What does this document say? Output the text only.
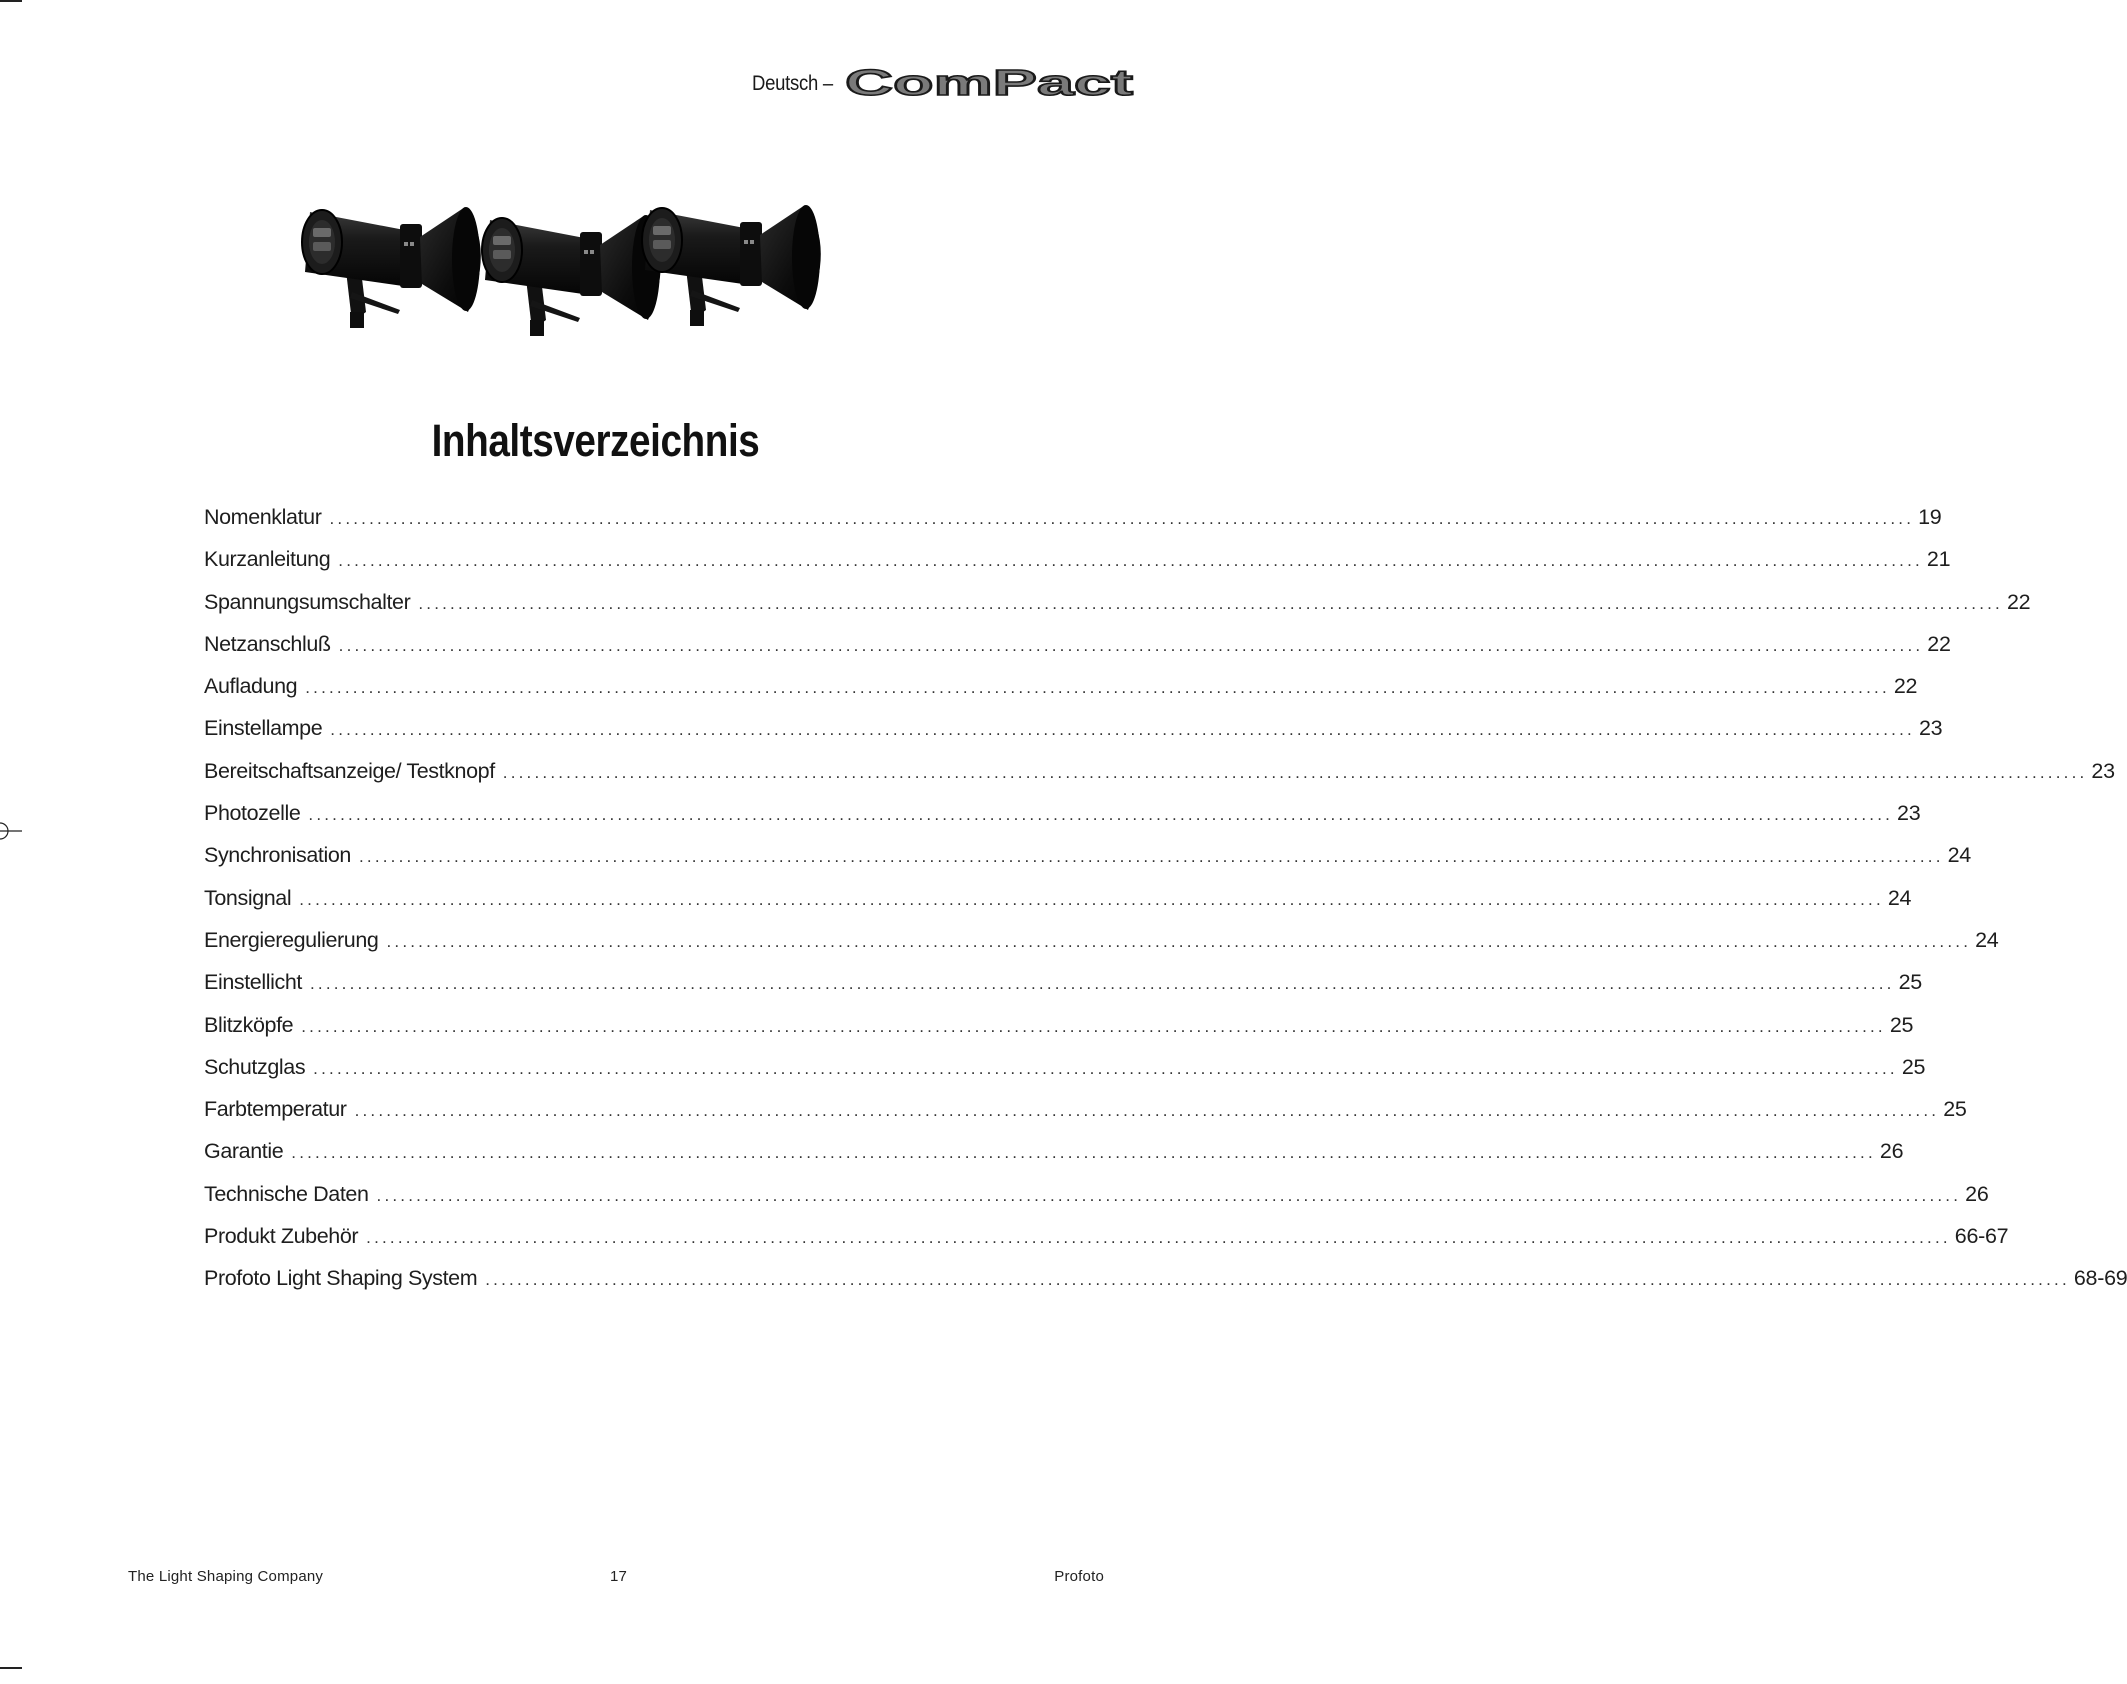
Deutsch – ComPact
Inhaltsverzeichnis
Nomenklatur ........................................................................................................................................................................................................ 19
Kurzanleitung ........................................................................................................................................................................................................ 21
Spannungsumschalter ........................................................................................................................................................................................................ 22
Netzanschluß ........................................................................................................................................................................................................ 22
Aufladung ........................................................................................................................................................................................................ 22
Einstellampe ........................................................................................................................................................................................................ 23
Bereitschaftsanzeige/ Testknopf ........................................................................................................................................................................................................ 23
Photozelle ........................................................................................................................................................................................................ 23
Synchronisation ........................................................................................................................................................................................................ 24
Tonsignal ........................................................................................................................................................................................................ 24
Energieregulierung ........................................................................................................................................................................................................ 24
Einstellicht ........................................................................................................................................................................................................ 25
Blitzköpfe ........................................................................................................................................................................................................ 25
Schutzglas ........................................................................................................................................................................................................ 25
Farbtemperatur ........................................................................................................................................................................................................ 25
Garantie ........................................................................................................................................................................................................ 26
Technische Daten ........................................................................................................................................................................................................ 26
Produkt Zubehör ........................................................................................................................................................................................................ 66-67
Profoto Light Shaping System ........................................................................................................................................................................................................ 68-69
The Light Shaping Company	17	Profoto
